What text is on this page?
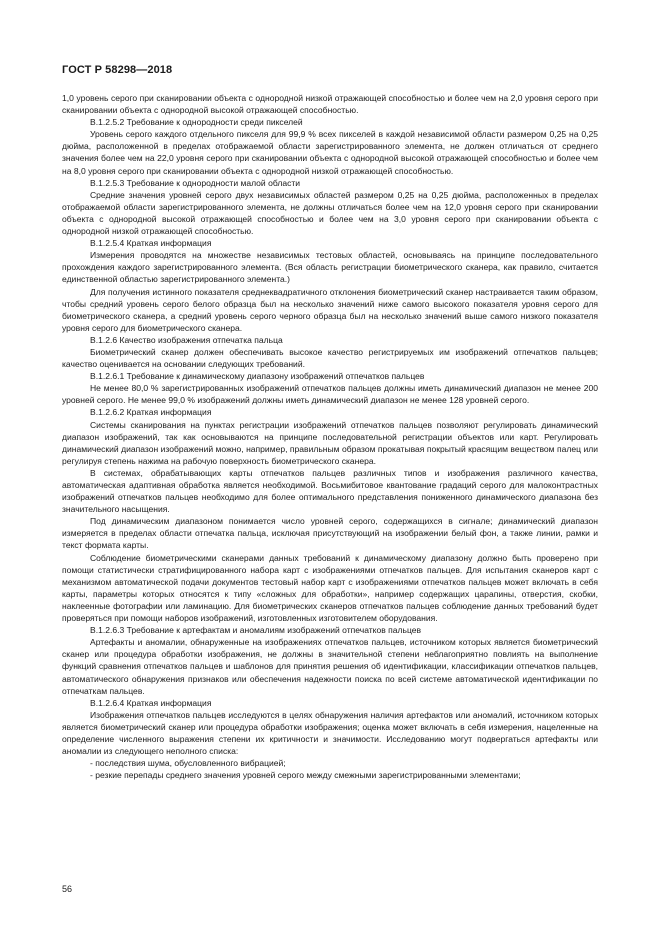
ГОСТ Р 58298—2018

1,0 уровень серого при сканировании объекта с однородной низкой отражающей способностью и более чем на 2,0 уровня серого при сканировании объекта с однородной высокой отражающей способностью.

В.1.2.5.2 Требование к однородности среди пикселей

Уровень серого каждого отдельного пикселя для 99,9 % всех пикселей в каждой независимой области размером 0,25 на 0,25 дюйма, расположенной в пределах отображаемой области зарегистрированного элемента, не должен отличаться от среднего значения более чем на 22,0 уровня серого при сканировании объекта с однородной высокой отражающей способностью и более чем на 8,0 уровня серого при сканировании объекта с однородной низкой отражающей способностью.

В.1.2.5.3 Требование к однородности малой области

Средние значения уровней серого двух независимых областей размером 0,25 на 0,25 дюйма, расположенных в пределах отображаемой области зарегистрированного элемента, не должны отличаться более чем на 12,0 уровня серого при сканировании объекта с однородной высокой отражающей способностью и более чем на 3,0 уровня серого при сканировании объекта с однородной низкой отражающей способностью.

В.1.2.5.4 Краткая информация

Измерения проводятся на множестве независимых тестовых областей, основываясь на принципе последовательного прохождения каждого зарегистрированного элемента. (Вся область регистрации биометрического сканера, как правило, считается единственной областью зарегистрированного элемента.)

Для получения истинного показателя среднеквадратичного отклонения биометрический сканер настраивается таким образом, чтобы средний уровень серого белого образца был на несколько значений ниже самого высокого показателя уровня серого для биометрического сканера, а средний уровень серого черного образца был на несколько значений выше самого низкого показателя уровня серого для биометрического сканера.

В.1.2.6 Качество изображения отпечатка пальца

Биометрический сканер должен обеспечивать высокое качество регистрируемых им изображений отпечатков пальцев; качество оценивается на основании следующих требований.

В.1.2.6.1 Требование к динамическому диапазону изображений отпечатков пальцев

Не менее 80,0 % зарегистрированных изображений отпечатков пальцев должны иметь динамический диапазон не менее 200 уровней серого. Не менее 99,0 % изображений должны иметь динамический диапазон не менее 128 уровней серого.

В.1.2.6.2 Краткая информация

Системы сканирования на пунктах регистрации изображений отпечатков пальцев позволяют регулировать динамический диапазон изображений, так как основываются на принципе последовательной регистрации объектов или карт. Регулировать динамический диапазон изображений можно, например, правильным образом прокатывая покрытый красящим веществом палец или регулируя степень нажима на рабочую поверхность биометрического сканера.

В системах, обрабатывающих карты отпечатков пальцев различных типов и изображения различного качества, автоматическая адаптивная обработка является необходимой. Восьмибитовое квантование градаций серого для малоконтрастных изображений отпечатков пальцев необходимо для более оптимального представления пониженного динамического диапазона без значительного насыщения.

Под динамическим диапазоном понимается число уровней серого, содержащихся в сигнале; динамический диапазон измеряется в пределах области отпечатка пальца, исключая присутствующий на изображении белый фон, а также линии, рамки и текст формата карты.

Соблюдение биометрическими сканерами данных требований к динамическому диапазону должно быть проверено при помощи статистически стратифицированного набора карт с изображениями отпечатков пальцев. Для испытания сканеров карт с механизмом автоматической подачи документов тестовый набор карт с изображениями отпечатков пальцев может включать в себя карты, параметры которых относятся к типу «сложных для обработки», например содержащих царапины, отверстия, скобки, наклеенные фотографии или ламинацию. Для биометрических сканеров отпечатков пальцев соблюдение данных требований будет проверяться при помощи наборов изображений, изготовленных изготовителем оборудования.

В.1.2.6.3 Требование к артефактам и аномалиям изображений отпечатков пальцев

Артефакты и аномалии, обнаруженные на изображениях отпечатков пальцев, источником которых является биометрический сканер или процедура обработки изображения, не должны в значительной степени неблагоприятно повлиять на выполнение функций сравнения отпечатков пальцев и шаблонов для принятия решения об идентификации, классификации отпечатков пальцев, автоматического обнаружения признаков или обеспечения надежности поиска по всей системе автоматической идентификации по отпечаткам пальцев.

В.1.2.6.4 Краткая информация

Изображения отпечатков пальцев исследуются в целях обнаружения наличия артефактов или аномалий, источником которых является биометрический сканер или процедура обработки изображения; оценка может включать в себя измерения, нацеленные на определение численного выражения степени их критичности и значимости. Исследованию могут подвергаться артефакты или аномалии из следующего неполного списка:

- последствия шума, обусловленного вибрацией;

- резкие перепады среднего значения уровней серого между смежными зарегистрированными элементами;

56
